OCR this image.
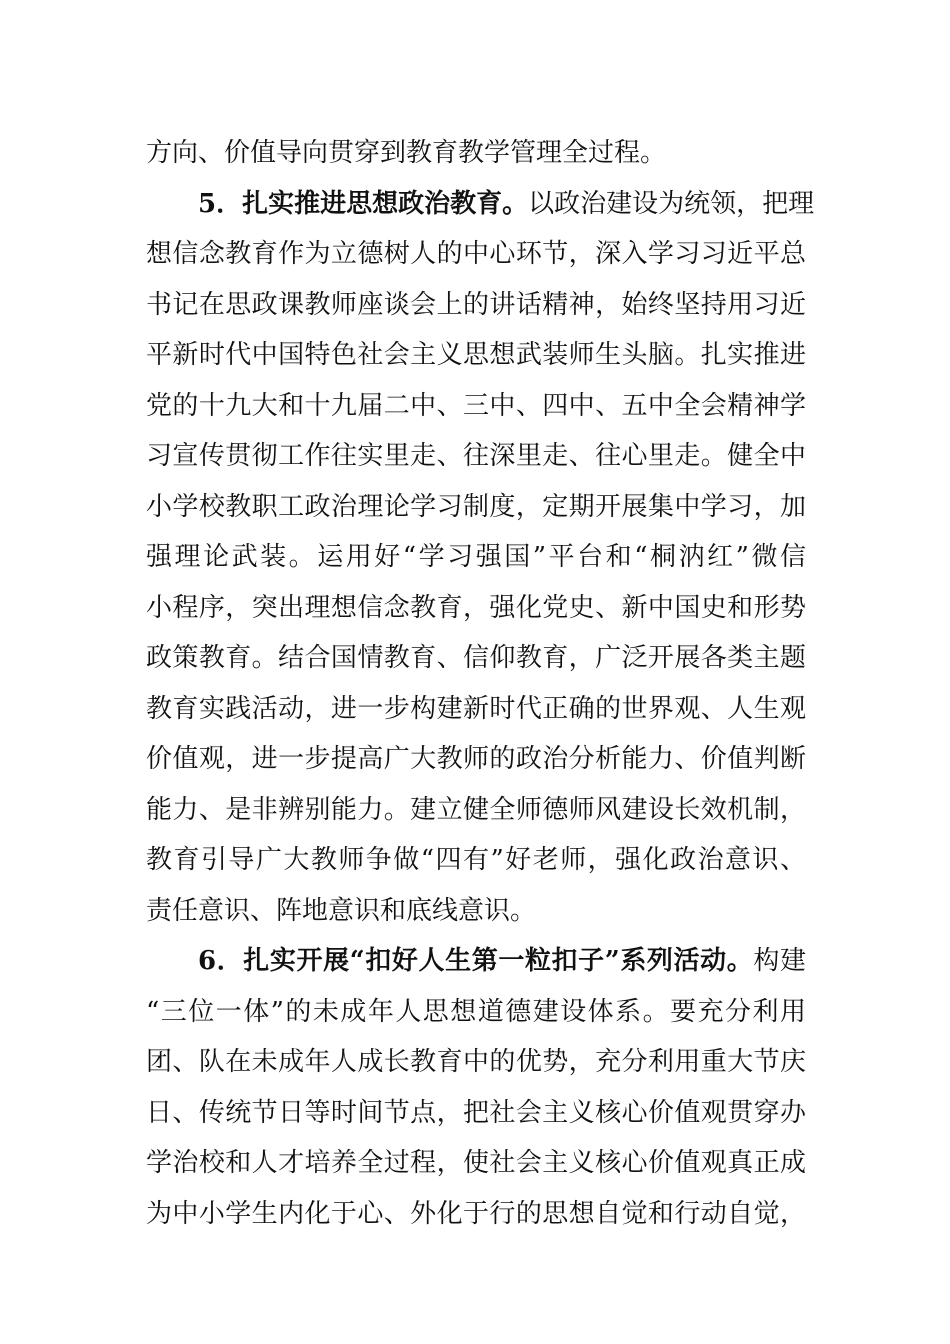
方向、价值导向贯穿到教育教学管理全过程。
5．扎实推进思想政治教育。以政治建设为统领，把理
想信念教育作为立德树人的中心环节，深入学习习近平总
书记在思政课教师座谈会上的讲话精神，始终坚持用习近
平新时代中国特色社会主义思想武装师生头脑。扎实推进
党的十九大和十九届二中、三中、四中、五中全会精神学
习宣传贯彻工作往实里走、往深里走、往心里走。健全中
小学校教职工政治理论学习制度，定期开展集中学习，加
强理论武装。运用好“学习强国”平台和“桐汭红”微信
小程序，突出理想信念教育，强化党史、新中国史和形势
政策教育。结合国情教育、信仰教育，广泛开展各类主题
教育实践活动，进一步构建新时代正确的世界观、人生观
价值观，进一步提高广大教师的政治分析能力、价值判断
能力、是非辨别能力。建立健全师德师风建设长效机制，
教育引导广大教师争做“四有”好老师，强化政治意识、
责任意识、阵地意识和底线意识。
6．扎实开展“扣好人生第一粒扣子”系列活动。构建
“三位一体”的未成年人思想道德建设体系。要充分利用
团、队在未成年人成长教育中的优势，充分利用重大节庆
日、传统节日等时间节点，把社会主义核心价值观贯穿办
学治校和人才培养全过程，使社会主义核心价值观真正成
为中小学生内化于心、外化于行的思想自觉和行动自觉，
